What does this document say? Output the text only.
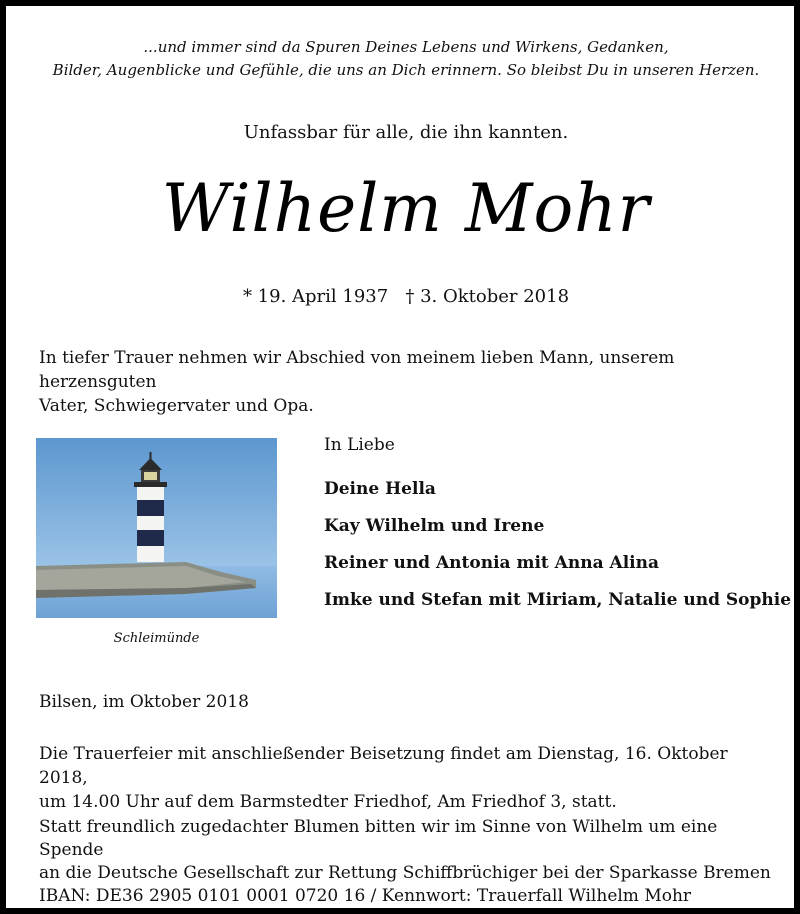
...und immer sind da Spuren Deines Lebens und Wirkens, Gedanken,
Bilder, Augenblicke und Gefühle, die uns an Dich erinnern. So bleibst Du in unseren Herzen.
Unfassbar für alle, die ihn kannten.
Wilhelm Mohr
* 19. April 1937   † 3. Oktober 2018
In tiefer Trauer nehmen wir Abschied von meinem lieben Mann, unserem herzensguten
Vater, Schwiegervater und Opa.
Schleimünde
In Liebe
Deine Hella
Kay Wilhelm und Irene
Reiner und Antonia mit Anna Alina
Imke und Stefan mit Miriam, Natalie und Sophie
Bilsen, im Oktober 2018
Die Trauerfeier mit anschließender Beisetzung findet am Dienstag, 16. Oktober 2018,
um 14.00 Uhr auf dem Barmstedter Friedhof, Am Friedhof 3, statt.
Statt freundlich zugedachter Blumen bitten wir im Sinne von Wilhelm um eine Spende
an die Deutsche Gesellschaft zur Rettung Schiffbrüchiger bei der Sparkasse Bremen
IBAN: DE36 2905 0101 0001 0720 16 / Kennwort: Trauerfall Wilhelm Mohr
